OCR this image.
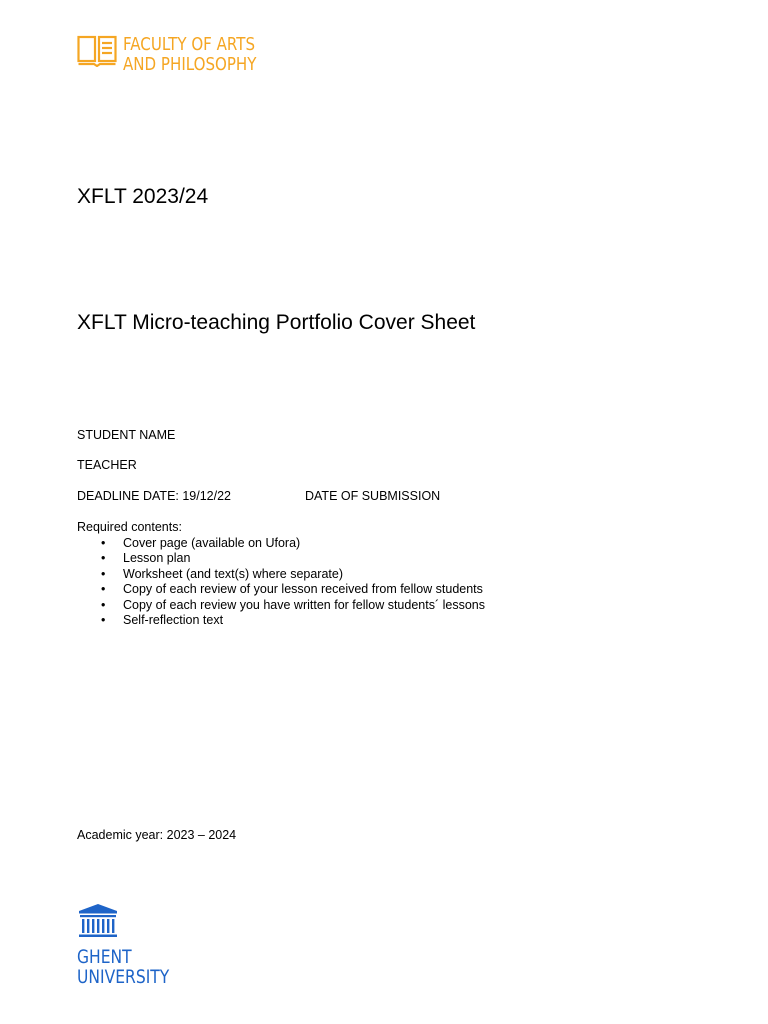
FACULTY OF ARTS
AND PHILOSOPHY
XFLT 2023/24
XFLT Micro-teaching Portfolio Cover Sheet
STUDENT NAME
TEACHER
DEADLINE DATE: 19/12/22	DATE OF SUBMISSION
Required contents:
• Cover page (available on Ufora)
• Lesson plan
• Worksheet (and text(s) where separate)
• Copy of each review of your lesson received from fellow students
• Copy of each review you have written for fellow students´ lessons
• Self-reflection text
Academic year: 2023 – 2024
GHENT
UNIVERSITY
